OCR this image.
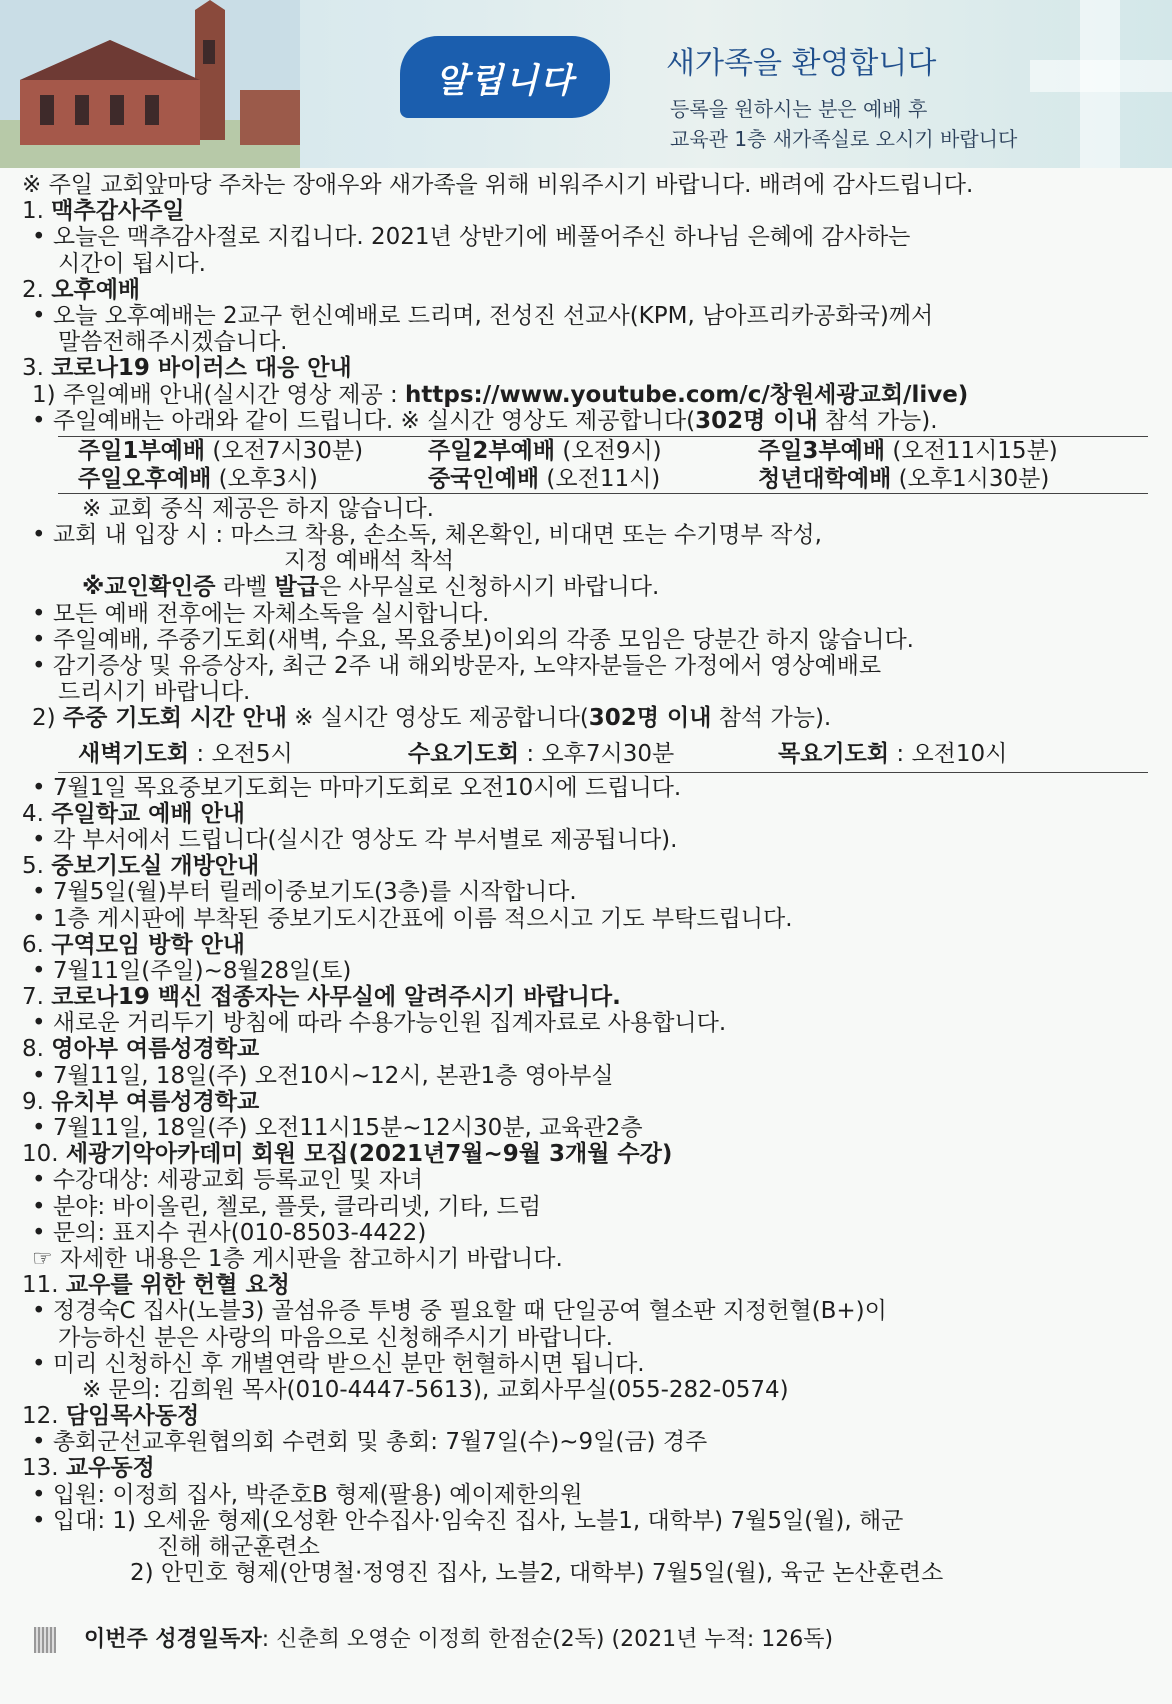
알립니다	새가족을 환영합니다
등록을 원하시는 분은 예배 후
교육관 1층 새가족실로 오시기 바랍니다
※ 주일 교회앞마당 주차는 장애우와 새가족을 위해 비워주시기 바랍니다. 배려에 감사드립니다.
1. 맥추감사주일
• 오늘은 맥추감사절로 지킵니다. 2021년 상반기에 베풀어주신 하나님 은혜에 감사하는
시간이 됩시다.
2. 오후예배
• 오늘 오후예배는 2교구 헌신예배로 드리며, 전성진 선교사(KPM, 남아프리카공화국)께서
말씀전해주시겠습니다.
3. 코로나19 바이러스 대응 안내
1) 주일예배 안내(실시간 영상 제공 : https://www.youtube.com/c/창원세광교회/live)
• 주일예배는 아래와 같이 드립니다. ※ 실시간 영상도 제공합니다(302명 이내 참석 가능).
주일1부예배 (오전7시30분)	주일2부예배 (오전9시)	주일3부예배 (오전11시15분)
주일오후예배 (오후3시)	중국인예배 (오전11시)	청년대학예배 (오후1시30분)
※ 교회 중식 제공은 하지 않습니다.
• 교회 내 입장 시 : 마스크 착용, 손소독, 체온확인, 비대면 또는 수기명부 작성,
지정 예배석 착석
※교인확인증 라벨 발급은 사무실로 신청하시기 바랍니다.
• 모든 예배 전후에는 자체소독을 실시합니다.
• 주일예배, 주중기도회(새벽, 수요, 목요중보)이외의 각종 모임은 당분간 하지 않습니다.
• 감기증상 및 유증상자, 최근 2주 내 해외방문자, 노약자분들은 가정에서 영상예배로
드리시기 바랍니다.
2) 주중 기도회 시간 안내 ※ 실시간 영상도 제공합니다(302명 이내 참석 가능).
새벽기도회 : 오전5시	수요기도회 : 오후7시30분	목요기도회 : 오전10시
• 7월1일 목요중보기도회는 마마기도회로 오전10시에 드립니다.
4. 주일학교 예배 안내
• 각 부서에서 드립니다(실시간 영상도 각 부서별로 제공됩니다).
5. 중보기도실 개방안내
• 7월5일(월)부터 릴레이중보기도(3층)를 시작합니다.
• 1층 게시판에 부착된 중보기도시간표에 이름 적으시고 기도 부탁드립니다.
6. 구역모임 방학 안내
• 7월11일(주일)~8월28일(토)
7. 코로나19 백신 접종자는 사무실에 알려주시기 바랍니다.
• 새로운 거리두기 방침에 따라 수용가능인원 집계자료로 사용합니다.
8. 영아부 여름성경학교
• 7월11일, 18일(주) 오전10시~12시, 본관1층 영아부실
9. 유치부 여름성경학교
• 7월11일, 18일(주) 오전11시15분~12시30분, 교육관2층
10. 세광기악아카데미 회원 모집(2021년7월~9월 3개월 수강)
• 수강대상: 세광교회 등록교인 및 자녀
• 분야: 바이올린, 첼로, 플룻, 클라리넷, 기타, 드럼
• 문의: 표지수 권사(010-8503-4422)
☞ 자세한 내용은 1층 게시판을 참고하시기 바랍니다.
11. 교우를 위한 헌혈 요청
• 정경숙C 집사(노블3) 골섬유증 투병 중 필요할 때 단일공여 혈소판 지정헌혈(B+)이
가능하신 분은 사랑의 마음으로 신청해주시기 바랍니다.
• 미리 신청하신 후 개별연락 받으신 분만 헌혈하시면 됩니다.
※ 문의: 김희원 목사(010-4447-5613), 교회사무실(055-282-0574)
12. 담임목사동정
• 총회군선교후원협의회 수련회 및 총회: 7월7일(수)~9일(금) 경주
13. 교우동정
• 입원: 이정희 집사, 박준호B 형제(팔용) 예이제한의원
• 입대: 1) 오세윤 형제(오성환 안수집사·임숙진 집사, 노블1, 대학부) 7월5일(월), 해군
진해 해군훈련소
2) 안민호 형제(안명철·정영진 집사, 노블2, 대학부) 7월5일(월), 육군 논산훈련소
이번주 성경일독자: 신춘희 오영순 이정희 한점순(2독) (2021년 누적: 126독)
